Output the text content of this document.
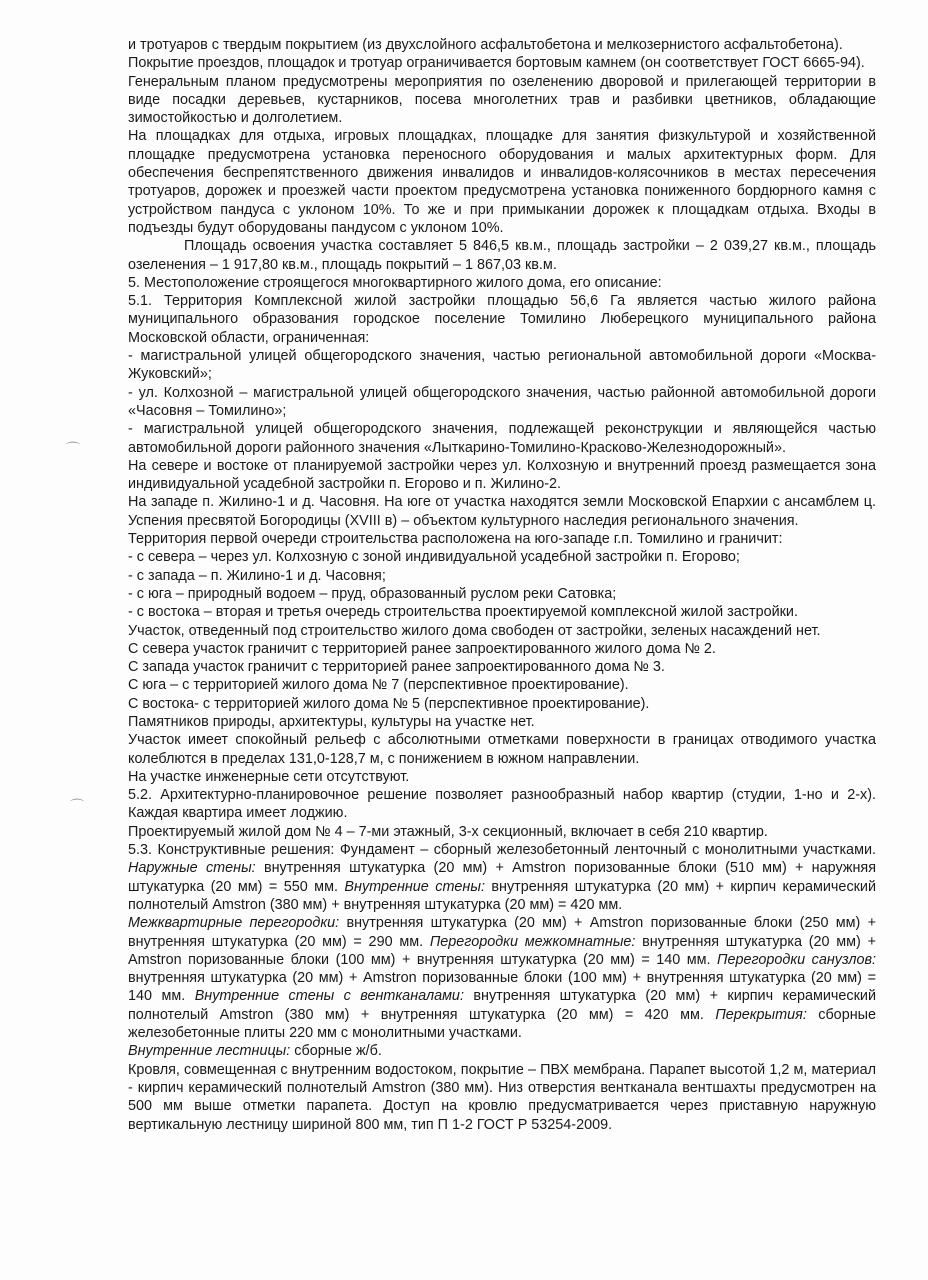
⌒
⌒

и тротуаров с твердым покрытием (из двухслойного асфальтобетона и мелкозернистого асфальтобетона).

Покрытие проездов, площадок и тротуар ограничивается бортовым камнем (он соответствует ГОСТ 6665-94).

Генеральным планом предусмотрены мероприятия по озеленению дворовой и прилегающей территории в виде посадки деревьев, кустарников, посева многолетних трав и разбивки цветников, обладающие зимостойкостью и долголетием.

На площадках для отдыха, игровых площадках, площадке для занятия физкультурой и хозяйственной площадке предусмотрена установка переносного оборудования и малых архитектурных форм. Для обеспечения беспрепятственного движения инвалидов и инвалидов-колясочников в местах пересечения тротуаров, дорожек и проезжей части проектом предусмотрена установка пониженного бордюрного камня с устройством пандуса с уклоном 10%. То же и при примыкании дорожек к площадкам отдыха. Входы в подъезды будут оборудованы пандусом с уклоном 10%.

Площадь освоения участка составляет 5 846,5 кв.м., площадь застройки – 2 039,27 кв.м., площадь озеленения – 1 917,80 кв.м., площадь покрытий – 1 867,03 кв.м.

5. Местоположение строящегося многоквартирного жилого дома, его описание:

5.1. Территория Комплексной жилой застройки площадью 56,6 Га является частью жилого района муниципального образования городское поселение Томилино Люберецкого муниципального района Московской области, ограниченная:

- магистральной улицей общегородского значения, частью региональной автомобильной дороги «Москва-Жуковский»;

- ул. Колхозной – магистральной улицей общегородского значения, частью районной автомобильной дороги «Часовня – Томилино»;

- магистральной улицей общегородского значения, подлежащей реконструкции и являющейся частью автомобильной дороги районного значения «Лыткарино-Томилино-Красково-Железнодорожный».

На севере и востоке от планируемой застройки через ул. Колхозную и внутренний проезд размещается зона индивидуальной усадебной застройки п. Егорово и п. Жилино-2.

На западе п. Жилино-1 и д. Часовня. На юге от участка находятся земли Московской Епархии с ансамблем ц. Успения пресвятой Богородицы (XVIII в) – объектом культурного наследия регионального значения.

Территория первой очереди строительства расположена на юго-западе г.п. Томилино и граничит:

- с севера – через ул. Колхозную с зоной индивидуальной усадебной застройки п. Егорово;

- с запада – п. Жилино-1 и д. Часовня;

- с юга – природный водоем – пруд, образованный руслом реки Сатовка;

- с востока – вторая и третья очередь строительства проектируемой комплексной жилой застройки.

Участок, отведенный под строительство жилого дома свободен от застройки, зеленых насаждений нет.

С севера участок граничит с территорией ранее запроектированного жилого дома № 2.

С запада участок граничит с территорией ранее запроектированного дома № 3.

С юга – с территорией жилого дома № 7 (перспективное проектирование).

С востока- с территорией жилого дома № 5 (перспективное проектирование).

Памятников природы, архитектуры, культуры на участке нет.

Участок имеет спокойный рельеф с абсолютными отметками поверхности в границах отводимого участка колеблются в пределах 131,0-128,7 м, с понижением в южном направлении.

На участке инженерные сети отсутствуют.

5.2. Архитектурно-планировочное решение позволяет разнообразный набор квартир (студии, 1-но и 2-х). Каждая квартира имеет лоджию.

Проектируемый жилой дом № 4 – 7-ми этажный, 3-х секционный, включает в себя 210 квартир.

5.3. Конструктивные решения: Фундамент – сборный железобетонный ленточный с монолитными участками. Наружные стены: внутренняя штукатурка (20 мм) + Amstron поризованные блоки (510 мм) + наружняя штукатурка (20 мм) = 550 мм. Внутренние стены: внутренняя штукатурка (20 мм) + кирпич керамический полнотелый Amstron (380 мм) + внутренняя штукатурка (20 мм) = 420 мм.

Межквартирные перегородки: внутренняя штукатурка (20 мм) + Amstron поризованные блоки (250 мм) + внутренняя штукатурка (20 мм) = 290 мм. Перегородки межкомнатные: внутренняя штукатурка (20 мм) + Amstron поризованные блоки (100 мм) + внутренняя штукатурка (20 мм) = 140 мм. Перегородки санузлов: внутренняя штукатурка (20 мм) + Amstron поризованные блоки (100 мм) + внутренняя штукатурка (20 мм) = 140 мм. Внутренние стены с вентканалами: внутренняя штукатурка (20 мм) + кирпич керамический полнотелый Amstron (380 мм) + внутренняя штукатурка (20 мм) = 420 мм. Перекрытия: сборные железобетонные плиты 220 мм с монолитными участками.

Внутренние лестницы: сборные ж/б.

Кровля, совмещенная с внутренним водостоком, покрытие – ПВХ мембрана. Парапет высотой 1,2 м, материал - кирпич керамический полнотелый Amstron (380 мм). Низ отверстия вентканала вентшахты предусмотрен на 500 мм выше отметки парапета. Доступ на кровлю предусматривается через приставную наружную вертикальную лестницу шириной 800 мм, тип П 1-2 ГОСТ Р 53254-2009.
